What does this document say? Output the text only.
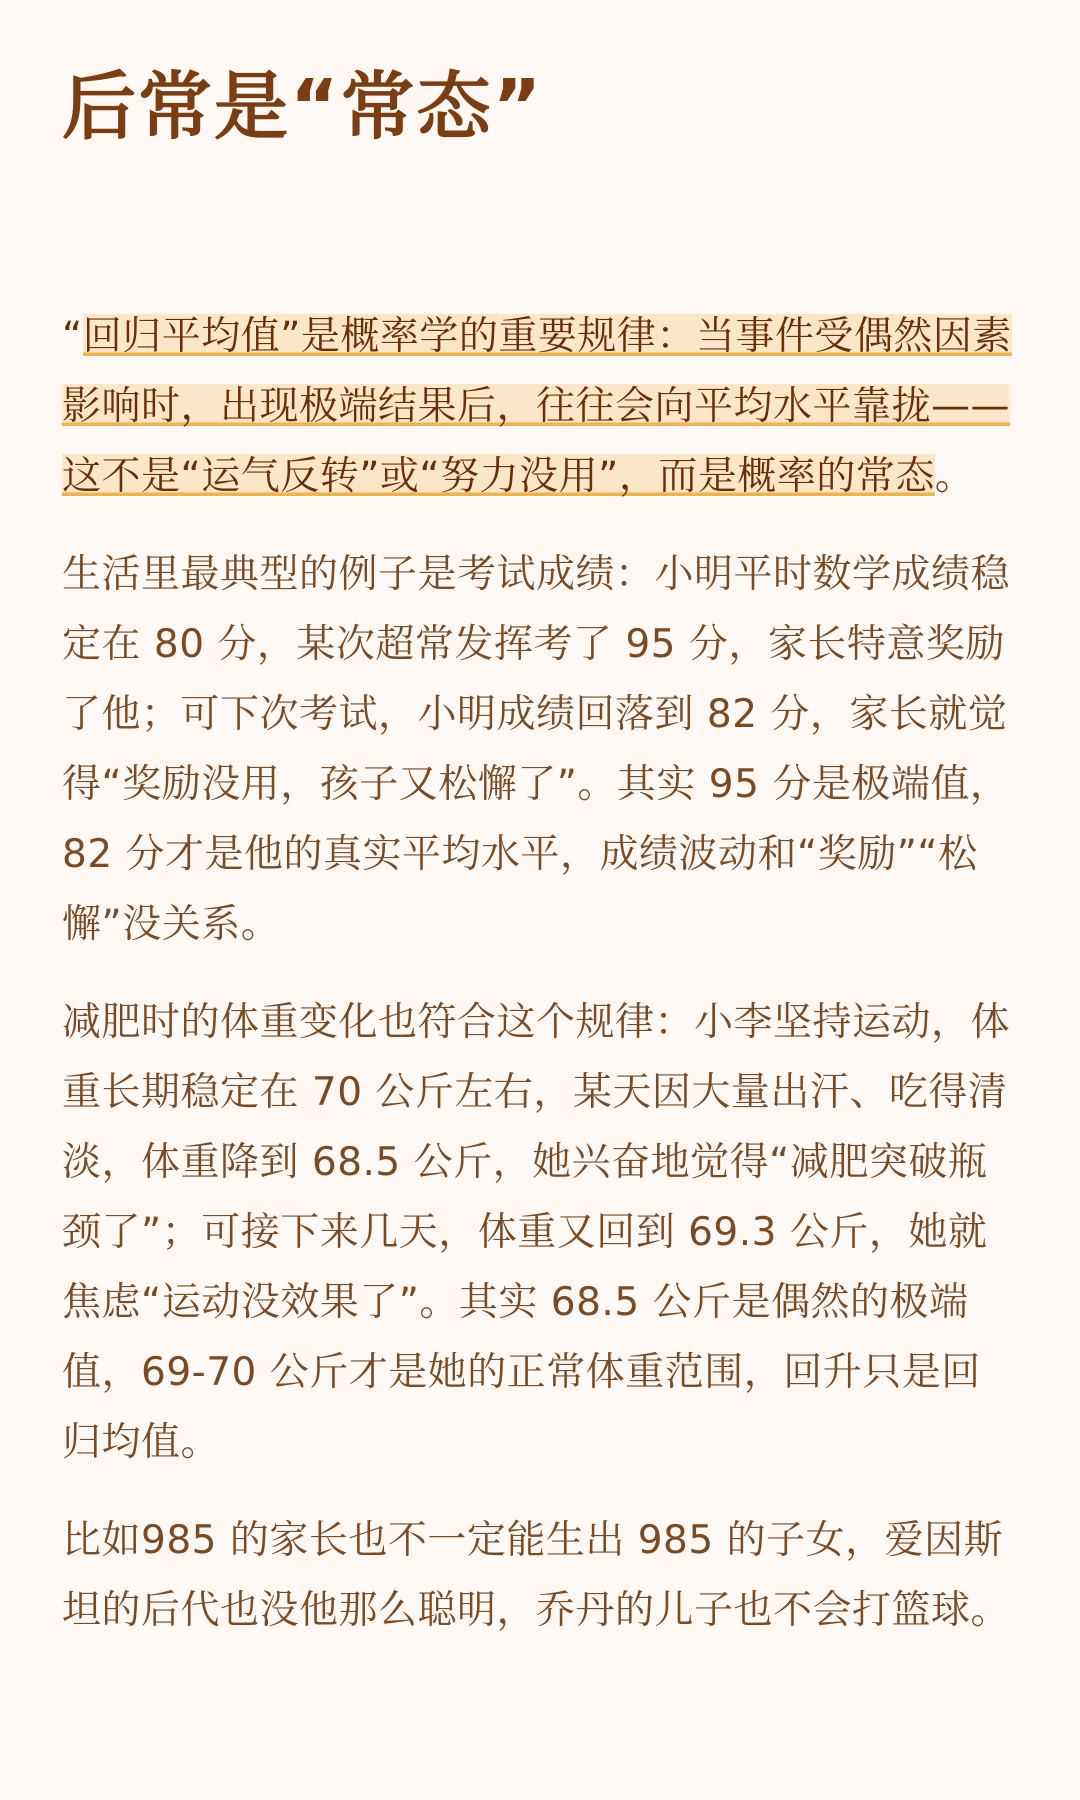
后常是“常态”

“回归平均值”是概率学的重要规律：当事件受偶然因素影响时，出现极端结果后，往往会向平均水平靠拢——这不是“运气反转”或“努力没用”，而是概率的常态。

生活里最典型的例子是考试成绩：小明平时数学成绩稳定在 80 分，某次超常发挥考了 95 分，家长特意奖励了他；可下次考试，小明成绩回落到 82 分，家长就觉得“奖励没用，孩子又松懈了”。其实 95 分是极端值，82 分才是他的真实平均水平，成绩波动和“奖励”“松懈”没关系。

减肥时的体重变化也符合这个规律：小李坚持运动，体重长期稳定在 70 公斤左右，某天因大量出汗、吃得清淡，体重降到 68.5 公斤，她兴奋地觉得“减肥突破瓶颈了”；可接下来几天，体重又回到 69.3 公斤，她就焦虑“运动没效果了”。其实 68.5 公斤是偶然的极端值，69-70 公斤才是她的正常体重范围，回升只是回归均值。

比如985 的家长也不一定能生出 985 的子女，爱因斯坦的后代也没他那么聪明，乔丹的儿子也不会打篮球。
